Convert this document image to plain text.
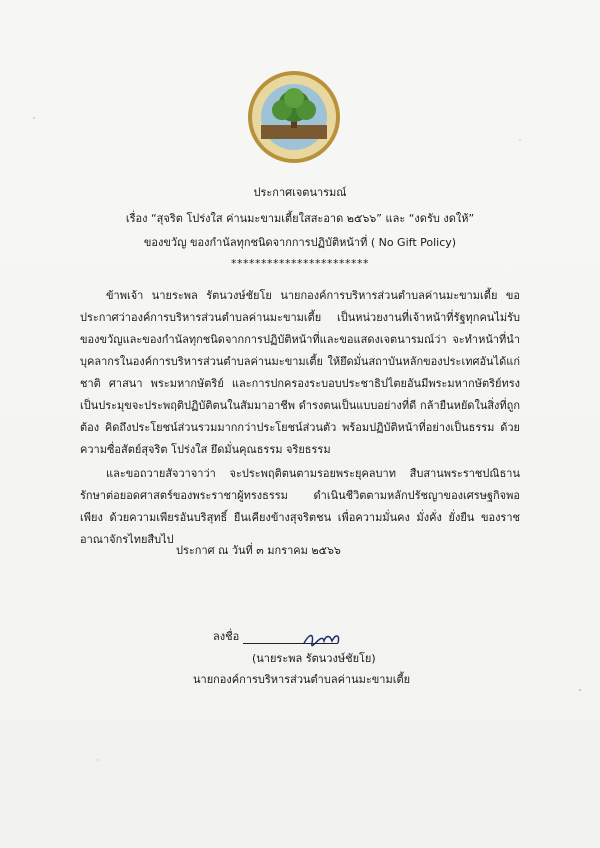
ประกาศเจตนารมณ์
เรื่อง “สุจริต โปร่งใส ค่านมะขามเตี้ยใสสะอาด ๒๕๖๖” และ “งดรับ งดให้”
ของขวัญ ของกำนัลทุกชนิดจากการปฏิบัติหน้าที่ ( No Gift Policy)
***********************
ข้าพเจ้า นายระพล รัตนวงษ์ชัยโย นายกองค์การบริหารส่วนตำบลค่านมะขามเตี้ย ขอประกาศว่าองค์การบริหารส่วนตำบลค่านมะขามเตี้ย เป็นหน่วยงานที่เจ้าหน้าที่รัฐทุกคนไม่รับของขวัญและของกำนัลทุกชนิดจากการปฏิบัติหน้าที่และขอแสดงเจตนารมณ์ว่า จะทำหน้าที่นำบุคลากรในองค์การบริหารส่วนตำบลค่านมะขามเตี้ย ให้ยึดมั่นสถาบันหลักของประเทศอันได้แก่ ชาติ ศาสนา พระมหากษัตริย์ และการปกครองระบอบประชาธิปไตยอันมีพระมหากษัตริย์ทรงเป็นประมุขจะประพฤติปฏิบัติตนในสัมมาอาชีพ ดำรงตนเป็นแบบอย่างที่ดี กล้ายืนหยัดในสิ่งที่ถูกต้อง คิดถึงประโยชน์ส่วนรวมมากกว่าประโยชน์ส่วนตัว พร้อมปฏิบัติหน้าที่อย่างเป็นธรรม ด้วยความซื่อสัตย์สุจริต โปร่งใส ยึดมั่นคุณธรรม จริยธรรม
และขอถวายสัจวาจาว่า จะประพฤติตนตามรอยพระยุคลบาท สืบสานพระราชปณิธานรักษาต่อยอดศาสตร์ของพระราชาผู้ทรงธรรม ดำเนินชีวิตตามหลักปรัชญาของเศรษฐกิจพอเพียง ด้วยความเพียรอันบริสุทธิ์ ยืนเคียงข้างสุจริตชน เพื่อความมั่นคง มั่งคั่ง ยั่งยืน ของราชอาณาจักรไทยสืบไป
ประกาศ ณ วันที่ ๓ มกราคม ๒๕๖๖
ลงชื่อ
(นายระพล รัตนวงษ์ชัยโย)
นายกองค์การบริหารส่วนตำบลค่านมะขามเตี้ย
